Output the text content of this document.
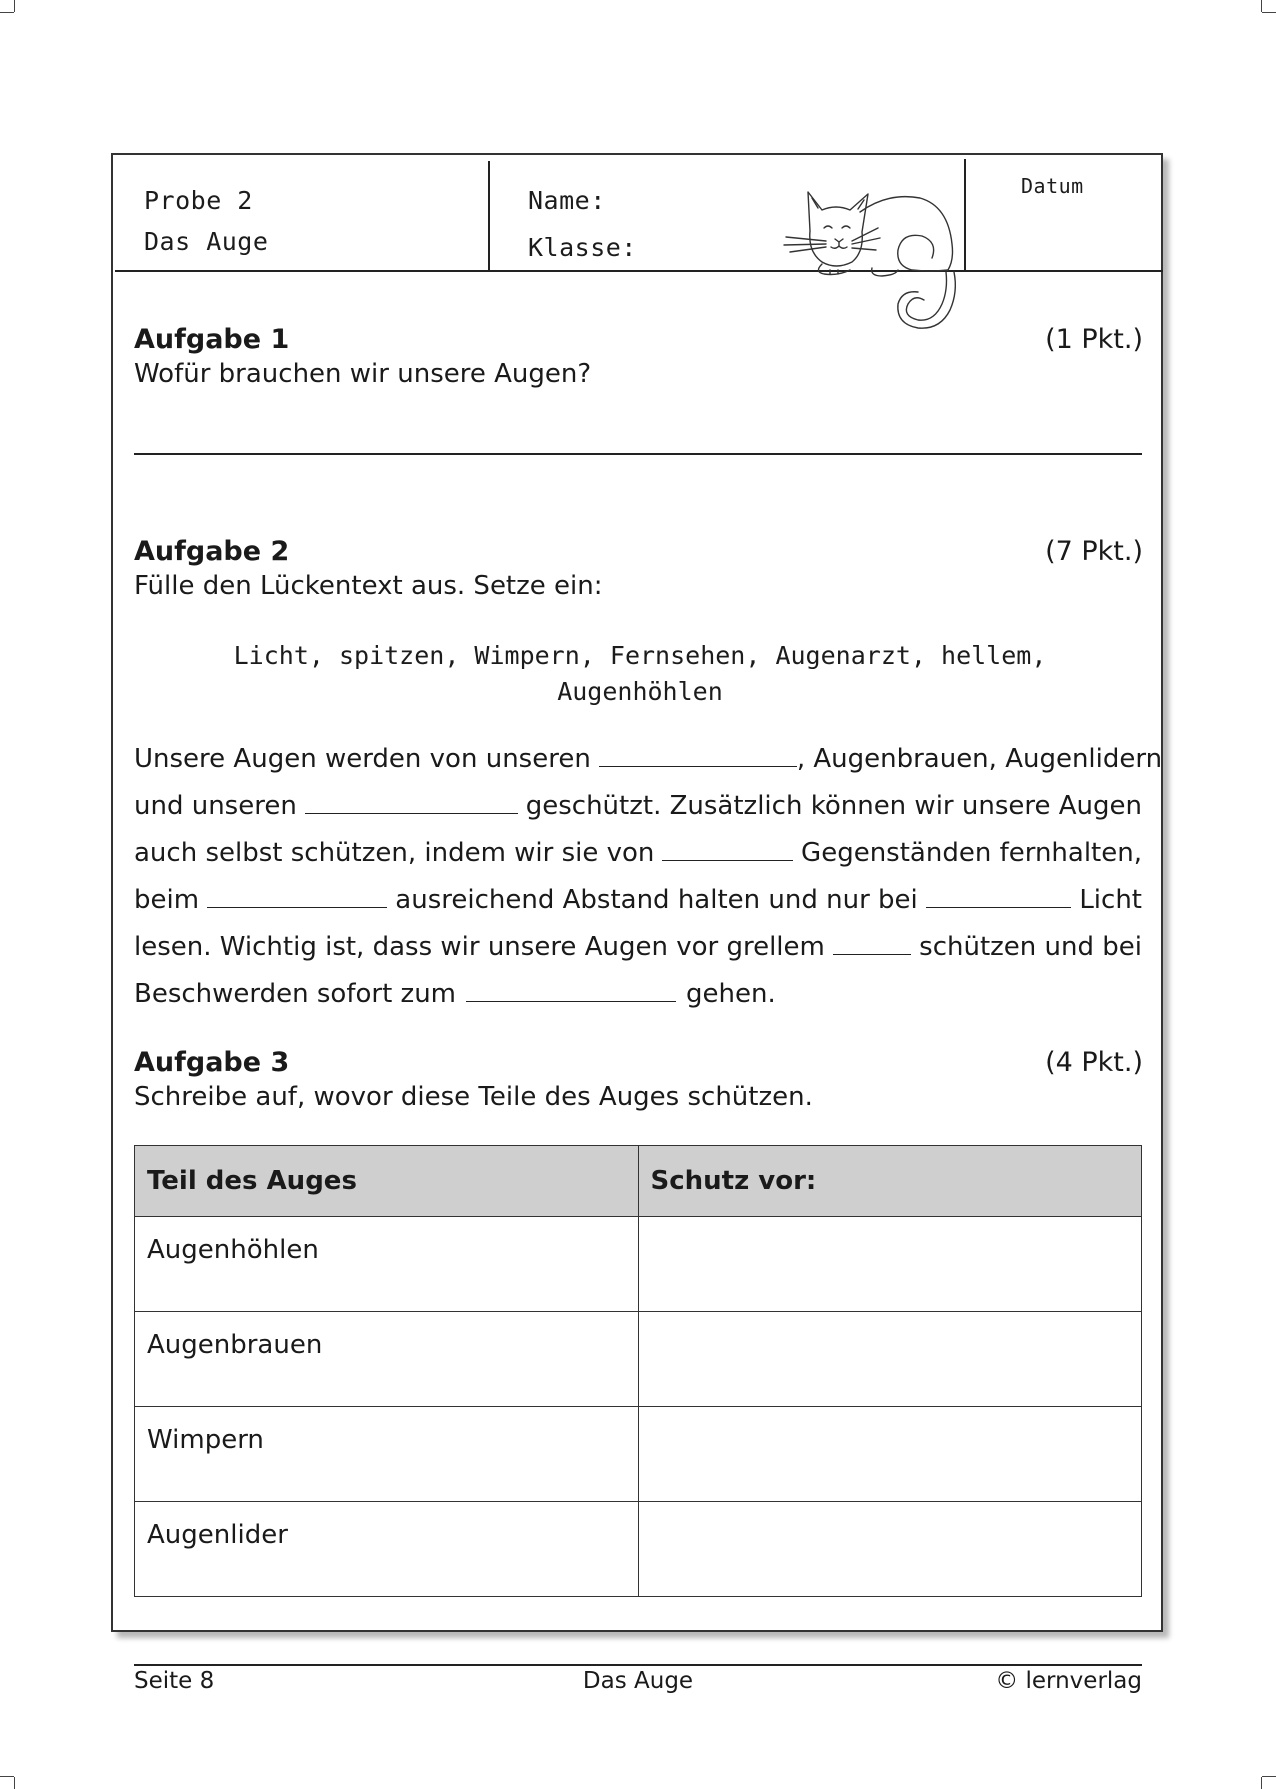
Probe 2
Das Auge
Name:
Klasse:
Datum
Aufgabe 1	(1 Pkt.)
Wofür brauchen wir unsere Augen?
Aufgabe 2	(7 Pkt.)
Fülle den Lückentext aus. Setze ein:
Licht, spitzen, Wimpern, Fernsehen, Augenarzt, hellem,
Augenhöhlen
Unsere Augen werden von unseren	, Augenbrauen, Augenlidern
und unseren	geschützt. Zusätzlich können wir unsere Augen
auch selbst schützen, indem wir sie von	Gegenständen fernhalten,
beim	ausreichend Abstand halten und nur bei	Licht
lesen. Wichtig ist, dass wir unsere Augen vor grellem	schützen und bei
Beschwerden sofort zum	gehen.
Aufgabe 3	(4 Pkt.)
Schreibe auf, wovor diese Teile des Auges schützen.
Teil des Auges	Schutz vor:
Augenhöhlen	
Augenbrauen	
Wimpern	
Augenlider	
Seite 8	Das Auge	© lernverlag
